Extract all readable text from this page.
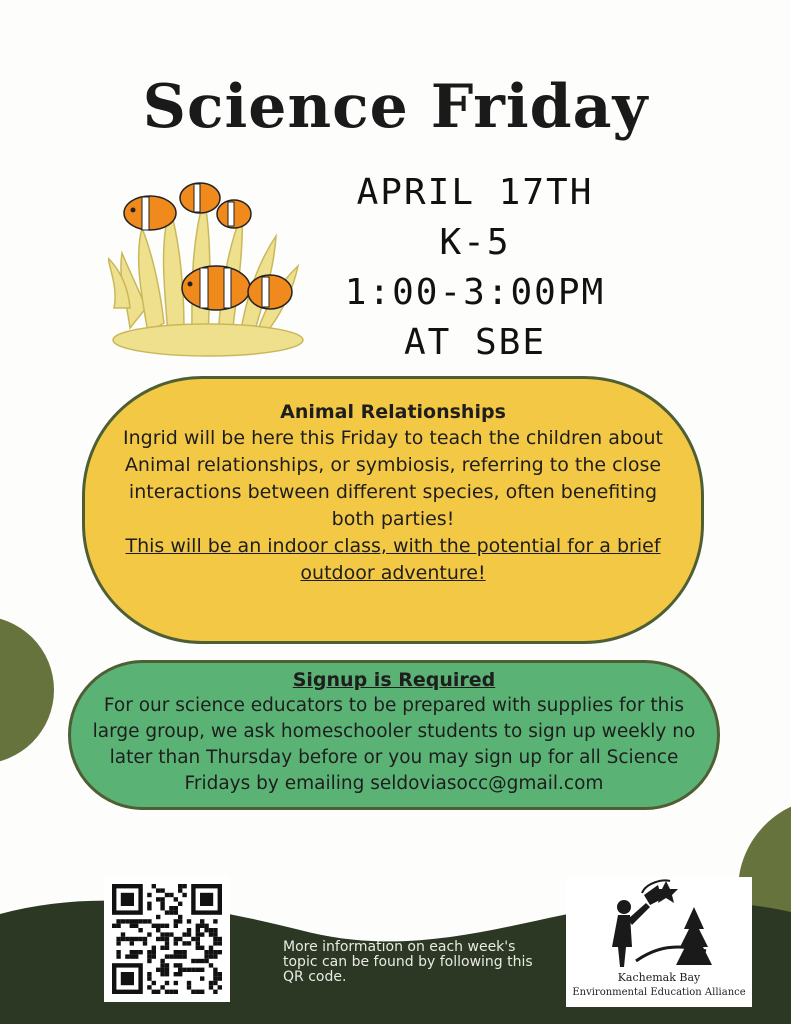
Science Friday
APRIL 17TH
K-5
1:00-3:00PM
AT SBE
Animal Relationships
Ingrid will be here this Friday to teach the children about Animal relationships, or symbiosis, referring to the close interactions between different species, often benefiting both parties!
This will be an indoor class, with the potential for a brief outdoor adventure!
Signup is Required
For our science educators to be prepared with supplies for this large group, we ask homeschooler students to sign up weekly no later than Thursday before or you may sign up for all Science Fridays by emailing seldoviasocc@gmail.com
More information on each week's topic can be found by following this QR code.	Kachemak Bay
Environmental Education Alliance
